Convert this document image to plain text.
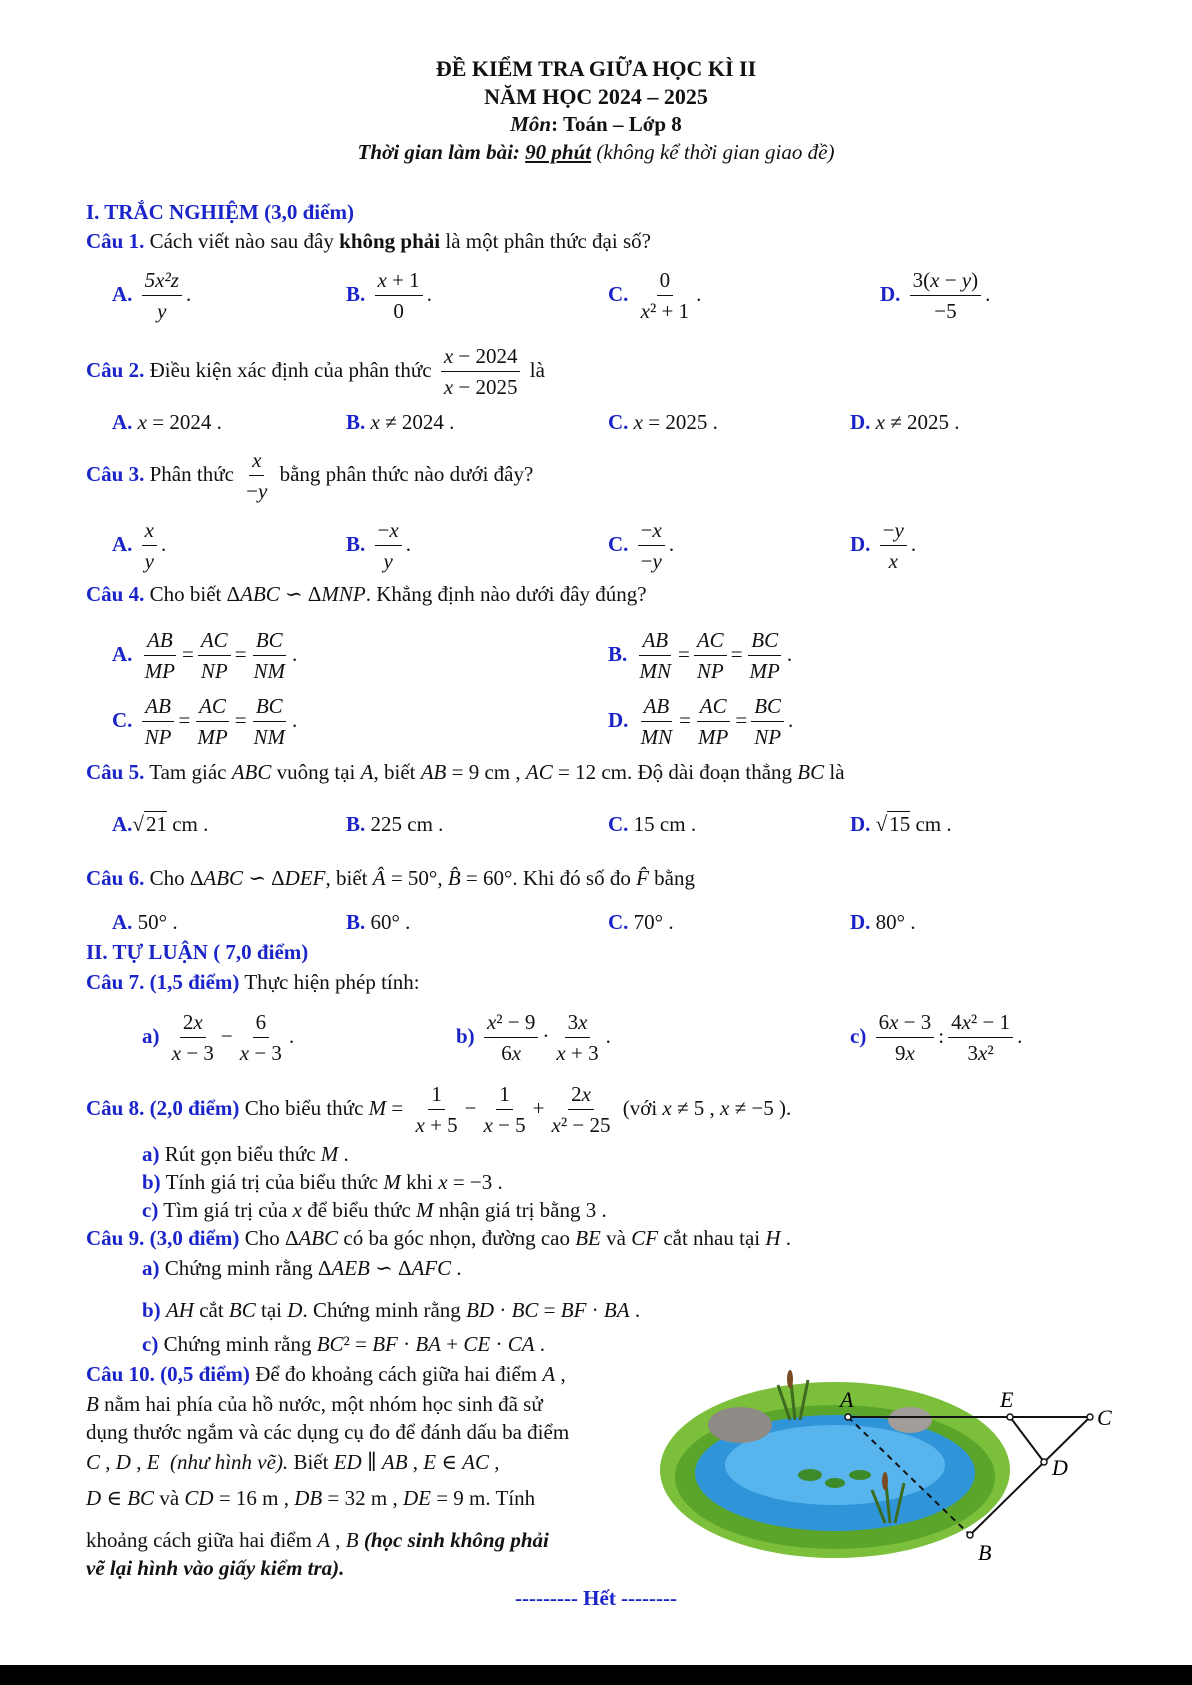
ĐỀ KIỂM TRA GIỮA HỌC KÌ II
NĂM HỌC 2024 – 2025
Môn: Toán – Lớp 8
Thời gian làm bài: 90 phút (không kể thời gian giao đề)
I. TRẮC NGHIỆM (3,0 điểm)
Câu 1. Cách viết nào sau đây không phải là một phân thức đại số?
A. $\frac{\text{5x²z}}{y}$ .	B. $\frac{x + 1}{0}$ .	C. $\frac{0}{\text{x² + 1}}$ .	D. $\frac{3(x - y)}{-5}$ .
Câu 2. Điều kiện xác định của phân thức $\frac{x - 2024}{x - 2025}$ là
A. x = 2024 .	B. x ≠ 2024 .	C. x = 2025 .	D. x ≠ 2025 .
Câu 3. Phân thức $\frac{x}{-y}$ bằng phân thức nào dưới đây?
A. $\frac{x}{y}$ .	B. $\frac{-x}{y}$ .	C. $\frac{-x}{-y}$ .	D. $\frac{-y}{x}$ .
Câu 4. Cho biết ΔABC ∽ ΔMNP. Khẳng định nào dưới đây đúng?
A. $\frac{AB}{MP} = \frac{AC}{NP} = \frac{BC}{NM}$ .	B. $\frac{AB}{MN} = \frac{AC}{NP} = \frac{BC}{MP}$ .
C. $\frac{AB}{NP} = \frac{AC}{MP} = \frac{BC}{NM}$ .	D. $\frac{AB}{MN} = \frac{AC}{MP} = \frac{BC}{NP}$ .
Câu 5. Tam giác ABC vuông tại A, biết AB = 9 cm , AC = 12 cm. Độ dài đoạn thẳng BC là
A.√21 cm .	B. 225 cm .	C. 15 cm .	D. √15 cm .
Câu 6. Cho ΔABC ∽ ΔDEF, biết Â = 50°, B̂ = 60°. Khi đó số đo F̂ bằng
A. 50° .	B. 60° .	C. 70° .	D. 80° .
II. TỰ LUẬN ( 7,0 điểm)
Câu 7. (1,5 điểm) Thực hiện phép tính:
$a) \frac{2x}{x - 3} - \frac{6}{x - 3}$ .	$b) \frac{\text{x² − 9}}{6x} \cdot \frac{3x}{x + 3}$ .	$c) \frac{6x - 3}{9x}$ : $\frac{\text{4x² − 1}}{\text{3x²}}$ .
Câu 8. (2,0 điểm) Cho biểu thức $M = \frac{1}{x + 5} - \frac{1}{x - 5} + \frac{2x}{\text{x² − 25}}$ (với x ≠ 5 , x ≠ −5 ).
a) Rút gọn biểu thức M .
b) Tính giá trị của biểu thức M khi x = −3 .
c) Tìm giá trị của x để biểu thức M nhận giá trị bằng 3 .
Câu 9. (3,0 điểm) Cho ΔABC có ba góc nhọn, đường cao BE và CF cắt nhau tại H .
a) Chứng minh rằng ΔAEB ∽ ΔAFC .
b) AH cắt BC tại D. Chứng minh rằng BD · BC = BF · BA .
c) Chứng minh rằng BC² = BF · BA + CE · CA .
Câu 10. (0,5 điểm) Để đo khoảng cách giữa hai điểm A ,
B nằm hai phía của hồ nước, một nhóm học sinh đã sử
dụng thước ngắm và các dụng cụ đo để đánh dấu ba điểm
C , D , E (như hình vẽ). Biết ED ∥ AB , E ∈ AC ,
D ∈ BC và CD = 16 m , DB = 32 m , DE = 9 m. Tính
khoảng cách giữa hai điểm A , B (học sinh không phải
vẽ lại hình vào giấy kiểm tra).
A	E
C
D
B
--------- Hết --------
